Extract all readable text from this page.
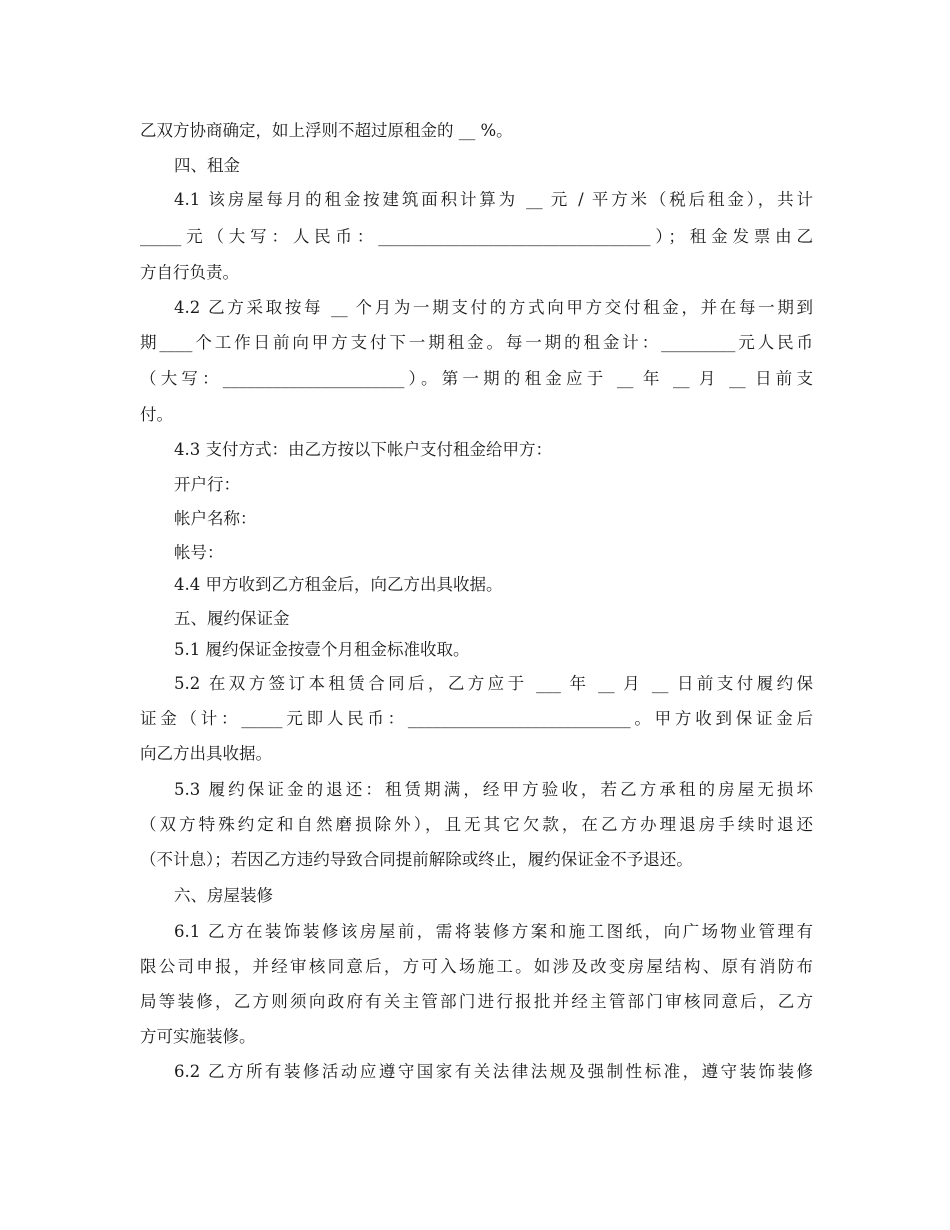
乙双方协商确定，如上浮则不超过原租金的 __ %。
四、租金
4.1 该房屋每月的租金按建筑面积计算为 __ 元 / 平方米（税后租金），共计
_____元（大写：人民币：_________________________________）；租金发票由乙
方自行负责。
4.2 乙方采取按每 __ 个月为一期支付的方式向甲方交付租金，并在每一期到
期____个工作日前向甲方支付下一期租金。每一期的租金计：_________元人民币
（大写：______________________）。第一期的租金应于 __ 年 __ 月 __ 日前支
付。
4.3 支付方式：由乙方按以下帐户支付租金给甲方：
开户行：
帐户名称：
帐号：
4.4 甲方收到乙方租金后，向乙方出具收据。
五、履约保证金
5.1 履约保证金按壹个月租金标准收取。
5.2 在双方签订本租赁合同后，乙方应于 ___ 年 __ 月 __ 日前支付履约保
证金（计：_____元即人民币：___________________________。甲方收到保证金后
向乙方出具收据。
5.3 履约保证金的退还：租赁期满，经甲方验收，若乙方承租的房屋无损坏
（双方特殊约定和自然磨损除外），且无其它欠款，在乙方办理退房手续时退还
（不计息）；若因乙方违约导致合同提前解除或终止，履约保证金不予退还。
六、房屋装修
6.1 乙方在装饰装修该房屋前，需将装修方案和施工图纸，向广场物业管理有
限公司申报，并经审核同意后，方可入场施工。如涉及改变房屋结构、原有消防布
局等装修，乙方则须向政府有关主管部门进行报批并经主管部门审核同意后，乙方
方可实施装修。
6.2 乙方所有装修活动应遵守国家有关法律法规及强制性标准，遵守装饰装修
